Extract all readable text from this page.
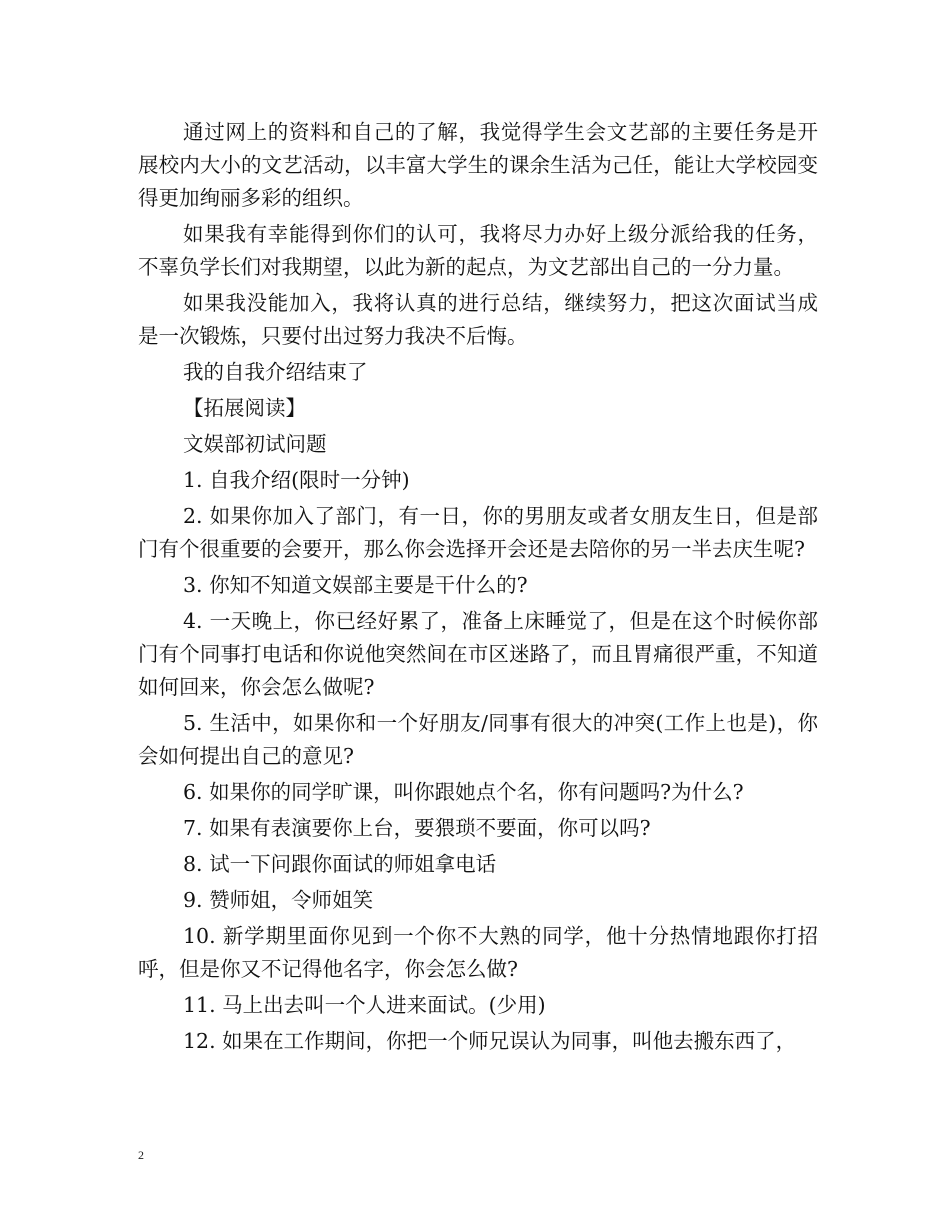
通过网上的资料和自己的了解，我觉得学生会文艺部的主要任务是开展校内大小的文艺活动，以丰富大学生的课余生活为己任，能让大学校园变得更加绚丽多彩的组织。

如果我有幸能得到你们的认可，我将尽力办好上级分派给我的任务，不辜负学长们对我期望，以此为新的起点，为文艺部出自己的一分力量。

如果我没能加入，我将认真的进行总结，继续努力，把这次面试当成是一次锻炼，只要付出过努力我决不后悔。

我的自我介绍结束了

【拓展阅读】

文娱部初试问题

1. 自我介绍(限时一分钟)

2. 如果你加入了部门，有一日，你的男朋友或者女朋友生日，但是部门有个很重要的会要开，那么你会选择开会还是去陪你的另一半去庆生呢?

3. 你知不知道文娱部主要是干什么的?

4. 一天晚上，你已经好累了，准备上床睡觉了，但是在这个时候你部门有个同事打电话和你说他突然间在市区迷路了，而且胃痛很严重，不知道如何回来，你会怎么做呢?

5. 生活中，如果你和一个好朋友/同事有很大的冲突(工作上也是)，你会如何提出自己的意见?

6. 如果你的同学旷课，叫你跟她点个名，你有问题吗?为什么?

7. 如果有表演要你上台，要猥琐不要面，你可以吗?

8. 试一下问跟你面试的师姐拿电话

9. 赞师姐，令师姐笑

10. 新学期里面你见到一个你不大熟的同学，他十分热情地跟你打招呼，但是你又不记得他名字，你会怎么做?

11. 马上出去叫一个人进来面试。(少用)

12. 如果在工作期间，你把一个师兄误认为同事，叫他去搬东西了，

2
